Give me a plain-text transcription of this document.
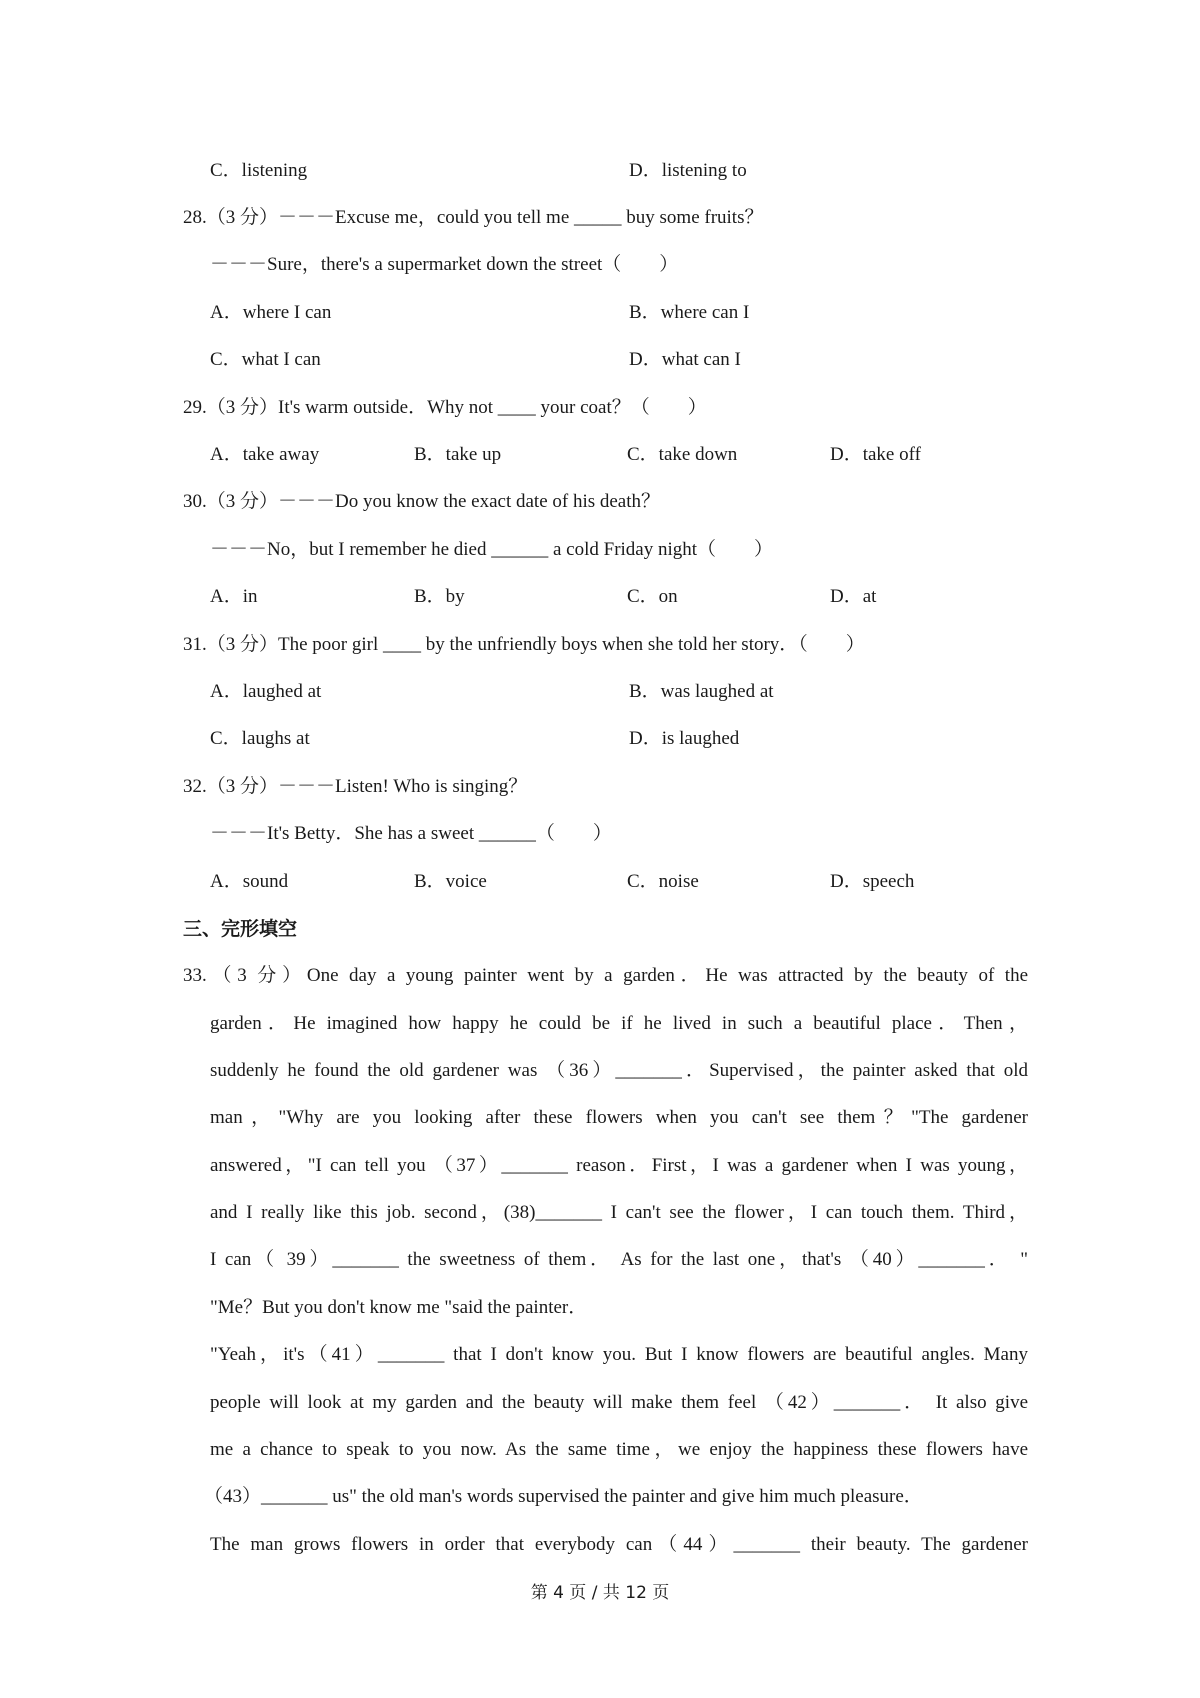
C．listening	D．listening to
28.（3 分）－－－Excuse me，could you tell me _____ buy some fruits？
－－－Sure，there's a supermarket down the street（　　）
A．where I can	B．where can I
C．what I can	D．what can I
29.（3 分）It's warm outside．Why not ____ your coat？（　　）
A．take away	B．take up	C．take down	D．take off
30.（3 分）－－－Do you know the exact date of his death？
－－－No，but I remember he died ______ a cold Friday night（　　）
A．in	B．by	C．on	D．at
31.（3 分）The poor girl ____ by the unfriendly boys when she told her story．（　　）
A．laughed at	B．was laughed at
C．laughs at	D．is laughed
32.（3 分）－－－Listen! Who is singing？
－－－It's Betty．She has a sweet ______（　　）
A．sound	B．voice	C．noise	D．speech
三、完形填空
33.（3 分）One day a young painter went by a garden．He was attracted by the beauty of the
garden．He imagined how happy he could be if he lived in such a beautiful place．Then，
suddenly he found the old gardener was （36）_______．Supervised，the painter asked that old
man，"Why are you looking after these flowers when you can't see them？"The gardener
answered，"I can tell you （37）_______ reason．First，I was a gardener when I was young，
and I really like this job. second，(38)_______ I can't see the flower，I can touch them. Third，
I can（ 39）_______ the sweetness of them． As for the last one，that's （40）_______． "
"Me？But you don't know me "said the painter．
"Yeah，it's（41）_______ that I don't know you. But I know flowers are beautiful angles. Many
people will look at my garden and the beauty will make them feel （42）_______． It also give
me a chance to speak to you now. As the same time，we enjoy the happiness these flowers have
（43）_______ us" the old man's words supervised the painter and give him much pleasure．
The man grows flowers in order that everybody can（44）_______ their beauty. The gardener
第 4 页 / 共 12 页
